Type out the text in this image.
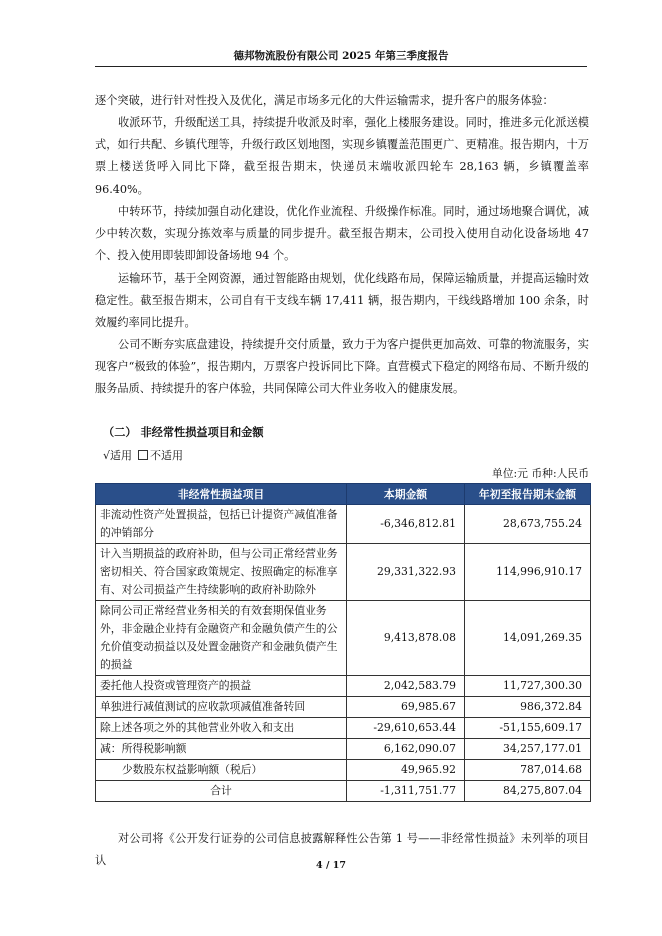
德邦物流股份有限公司 2025 年第三季度报告

逐个突破，进行针对性投入及优化，满足市场多元化的大件运输需求，提升客户的服务体验：

收派环节，升级配送工具，持续提升收派及时率，强化上楼服务建设。同时，推进多元化派送模式，如行共配、乡镇代理等，升级行政区划地图，实现乡镇覆盖范围更广、更精准。报告期内，十万票上楼送货呼入同比下降，截至报告期末，快递员末端收派四轮车 28,163 辆，乡镇覆盖率 96.40%。

中转环节，持续加强自动化建设，优化作业流程、升级操作标准。同时，通过场地聚合调优，减少中转次数，实现分拣效率与质量的同步提升。截至报告期末，公司投入使用自动化设备场地 47 个、投入使用即装即卸设备场地 94 个。

运输环节，基于全网资源，通过智能路由规划，优化线路布局，保障运输质量，并提高运输时效稳定性。截至报告期末，公司自有干支线车辆 17,411 辆，报告期内，干线线路增加 100 余条，时效履约率同比提升。

公司不断夯实底盘建设，持续提升交付质量，致力于为客户提供更加高效、可靠的物流服务，实现客户“极致的体验”，报告期内，万票客户投诉同比下降。直营模式下稳定的网络布局、不断升级的服务品质、持续提升的客户体验，共同保障公司大件业务收入的健康发展。

（二） 非经常性损益项目和金额
√适用 不适用
单位:元 币种:人民币
非经常性损益项目	本期金额	年初至报告期末金额
非流动性资产处置损益，包括已计提资产减值准备的冲销部分	-6,346,812.81	28,673,755.24
计入当期损益的政府补助，但与公司正常经营业务密切相关、符合国家政策规定、按照确定的标准享有、对公司损益产生持续影响的政府补助除外	29,331,322.93	114,996,910.17
除同公司正常经营业务相关的有效套期保值业务外，非金融企业持有金融资产和金融负债产生的公允价值变动损益以及处置金融资产和金融负债产生的损益	9,413,878.08	14,091,269.35
委托他人投资或管理资产的损益	2,042,583.79	11,727,300.30
单独进行减值测试的应收款项减值准备转回	69,985.67	986,372.84
除上述各项之外的其他营业外收入和支出	-29,610,653.44	-51,155,609.17
减：所得税影响额	6,162,090.07	34,257,177.01
少数股东权益影响额（税后）	49,965.92	787,014.68
合计	-1,311,751.77	84,275,807.04

对公司将《公开发行证券的公司信息披露解释性公告第 1 号——非经常性损益》未列举的项目认	4 / 17
